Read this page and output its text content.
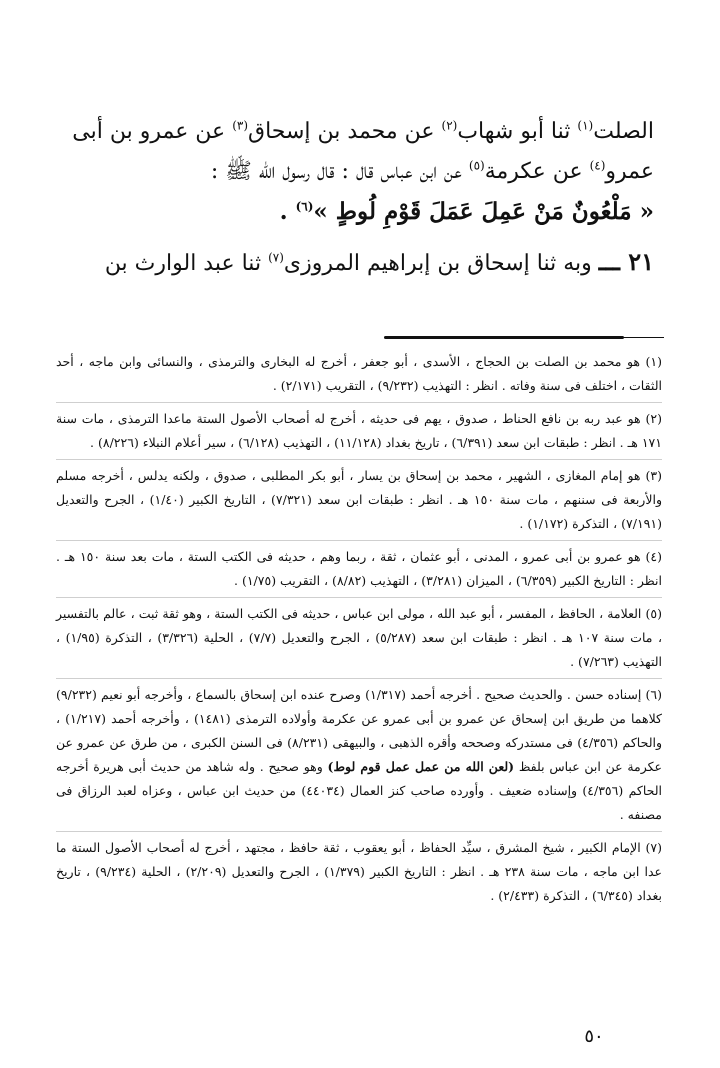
الصلت$^{(١)}$ ثنا أبو شهاب$^{(٢)}$ عن محمد بن إسحاق$^{(٣)}$ عن عمرو بن أبى
عمرو$^{(٤)}$ عن عكرمة$^{(٥)}$ عن ابن عباس قال : قال رسول الله ﷺ :
« مَلْعُونٌ مَنْ عَمِلَ عَمَلَ قَوْمِ لُوطٍ »$^{(٦)}$ .
٢١ ـــ وبه ثنا إسحاق بن إبراهيم المروزى$^{(٧)}$ ثنا عبد الوارث بن

(١) هو محمد بن الصلت بن الحجاج ، الأسدى ، أبو جعفر ، أخرج له البخارى والترمذى ، والنسائى وابن ماجه ، أحد الثقات ، اختلف فى سنة وفاته . انظر : التهذيب (٩/٢٣٢) ، التقريب (٢/١٧١) .

(٢) هو عبد ربه بن نافع الحناط ، صدوق ، يهم فى حديثه ، أخرج له أصحاب الأصول الستة ماعدا الترمذى ، مات سنة ١٧١ هـ . انظر : طبقات ابن سعد (٦/٣٩١) ، تاريخ بغداد (١١/١٢٨) ، التهذيب (٦/١٢٨) ، سير أعلام النبلاء (٨/٢٢٦) .

(٣) هو إمام المغازى ، الشهير ، محمد بن إسحاق بن يسار ، أبو بكر المطلبى ، صدوق ، ولكنه يدلس ، أخرجه مسلم والأربعة فى سننهم ، مات سنة ١٥٠ هـ . انظر : طبقات ابن سعد (٧/٣٢١) ، التاريخ الكبير (١/٤٠) ، الجرح والتعديل (٧/١٩١) ، التذكرة (١/١٧٢) .

(٤) هو عمرو بن أبى عمرو ، المدنى ، أبو عثمان ، ثقة ، ربما وهم ، حديثه فى الكتب الستة ، مات بعد سنة ١٥٠ هـ . انظر : التاريخ الكبير (٦/٣٥٩) ، الميزان (٣/٢٨١) ، التهذيب (٨/٨٢) ، التقريب (١/٧٥) .

(٥) العلامة ، الحافظ ، المفسر ، أبو عبد الله ، مولى ابن عباس ، حديثه فى الكتب الستة ، وهو ثقة ثبت ، عالم بالتفسير ، مات سنة ١٠٧ هـ . انظر : طبقات ابن سعد (٥/٢٨٧) ، الجرح والتعديل (٧/٧) ، الحلية (٣/٣٢٦) ، التذكرة (١/٩٥) ، التهذيب (٧/٢٦٣) .

(٦) إسناده حسن . والحديث صحيح . أخرجه أحمد (١/٣١٧) وصرح عنده ابن إسحاق بالسماع ، وأخرجه أبو نعيم (٩/٢٣٢) كلاهما من طريق ابن إسحاق عن عمرو بن أبى عمرو عن عكرمة وأولاده الترمذى (١٤٨١) ، وأخرجه أحمد (١/٢١٧) ، والحاكم (٤/٣٥٦) فى مستدركه وصححه وأقره الذهبى ، والبيهقى (٨/٢٣١) فى السنن الكبرى ، من طرق عن عمرو عن عكرمة عن ابن عباس بلفظ (لعن الله من عمل عمل قوم لوط) وهو صحيح . وله شاهد من حديث أبى هريرة أخرجه الحاكم (٤/٣٥٦) وإسناده ضعيف . وأورده صاحب كنز العمال (٤٤٠٣٤) من حديث ابن عباس ، وعزاه لعبد الرزاق فى مصنفه .

(٧) الإمام الكبير ، شيخ المشرق ، سيِّد الحفاظ ، أبو يعقوب ، ثقة حافظ ، مجتهد ، أخرج له أصحاب الأصول الستة ما عدا ابن ماجه ، مات سنة ٢٣٨ هـ . انظر : التاريخ الكبير (١/٣٧٩) ، الجرح والتعديل (٢/٢٠٩) ، الحلية (٩/٢٣٤) ، تاريخ بغداد (٦/٣٤٥) ، التذكرة (٢/٤٣٣) .

٥٠
